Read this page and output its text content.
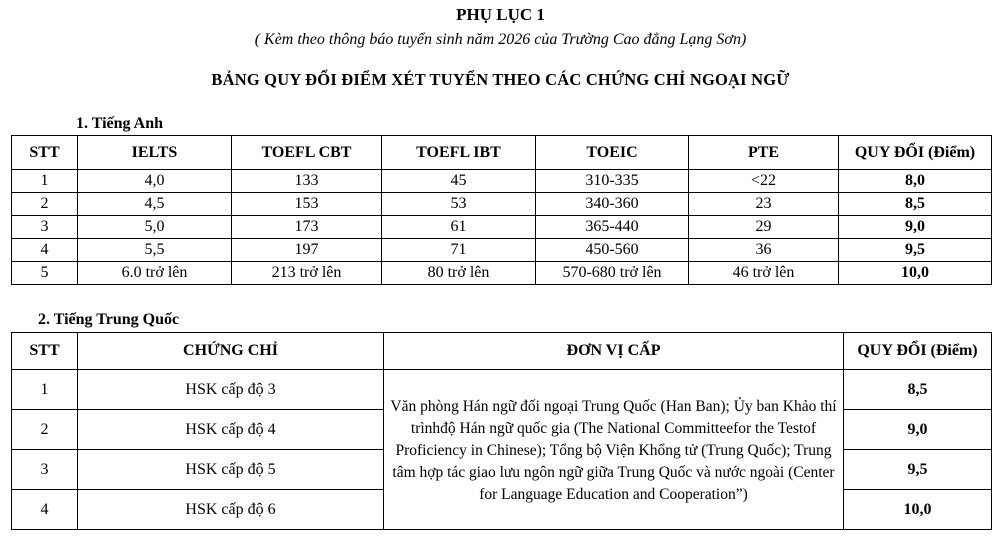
PHỤ LỤC 1
( Kèm theo thông báo tuyển sinh năm 2026 của Trường Cao đẳng Lạng Sơn)
BẢNG QUY ĐỔI ĐIỂM XÉT TUYỂN THEO CÁC CHỨNG CHỈ NGOẠI NGỮ
1. Tiếng Anh
STT	IELTS	TOEFL CBT	TOEFL IBT	TOEIC	PTE	QUY ĐỔI (Điểm)
1	4,0	133	45	310-335	<22	8,0
2	4,5	153	53	340-360	23	8,5
3	5,0	173	61	365-440	29	9,0
4	5,5	197	71	450-560	36	9,5
5	6.0 trở lên	213 trở lên	80 trở lên	570-680 trở lên	46 trở lên	10,0
2. Tiếng Trung Quốc
STT	CHỨNG CHỈ	ĐƠN VỊ CẤP	QUY ĐỔI (Điểm)
1	HSK cấp độ 3	Văn phòng Hán ngữ đối ngoại Trung Quốc (Han Ban); Ủy ban Khảo thí trìnhđộ Hán ngữ quốc gia (The National Committeefor the Testof Proficiency in Chinese); Tổng bộ Viện Khổng tử (Trung Quốc); Trung tâm hợp tác giao lưu ngôn ngữ giữa Trung Quốc và nước ngoài (Center for Language Education and Cooperation”)	8,5
2	HSK cấp độ 4		9,0
3	HSK cấp độ 5		9,5
4	HSK cấp độ 6		10,0
